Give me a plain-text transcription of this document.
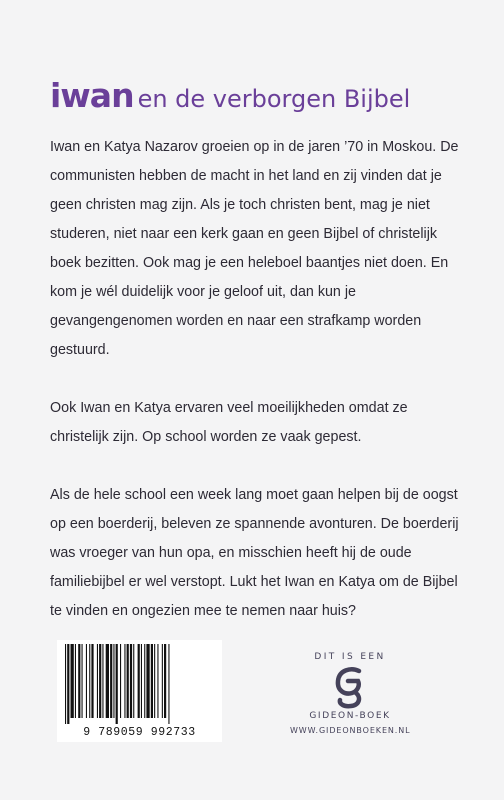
iwan en de verborgen Bijbel

Iwan en Katya Nazarov groeien op in de jaren ’70 in Moskou. De communisten hebben de macht in het land en zij vinden dat je geen christen mag zijn. Als je toch christen bent, mag je niet studeren, niet naar een kerk gaan en geen Bijbel of christelijk boek bezitten. Ook mag je een heleboel baantjes niet doen. En kom je wél duidelijk voor je geloof uit, dan kun je gevangengenomen worden en naar een strafkamp worden gestuurd.

Ook Iwan en Katya ervaren veel moeilijkheden omdat ze christelijk zijn. Op school worden ze vaak gepest.

Als de hele school een week lang moet gaan helpen bij de oogst op een boerderij, beleven ze spannende avonturen. De boerderij was vroeger van hun opa, en misschien heeft hij de oude familiebijbel er wel verstopt. Lukt het Iwan en Katya om de Bijbel te vinden en ongezien mee te nemen naar huis?

9 789059 992733
DIT IS EEN
GIDEON-BOEK
WWW.GIDEONBOEKEN.NL
